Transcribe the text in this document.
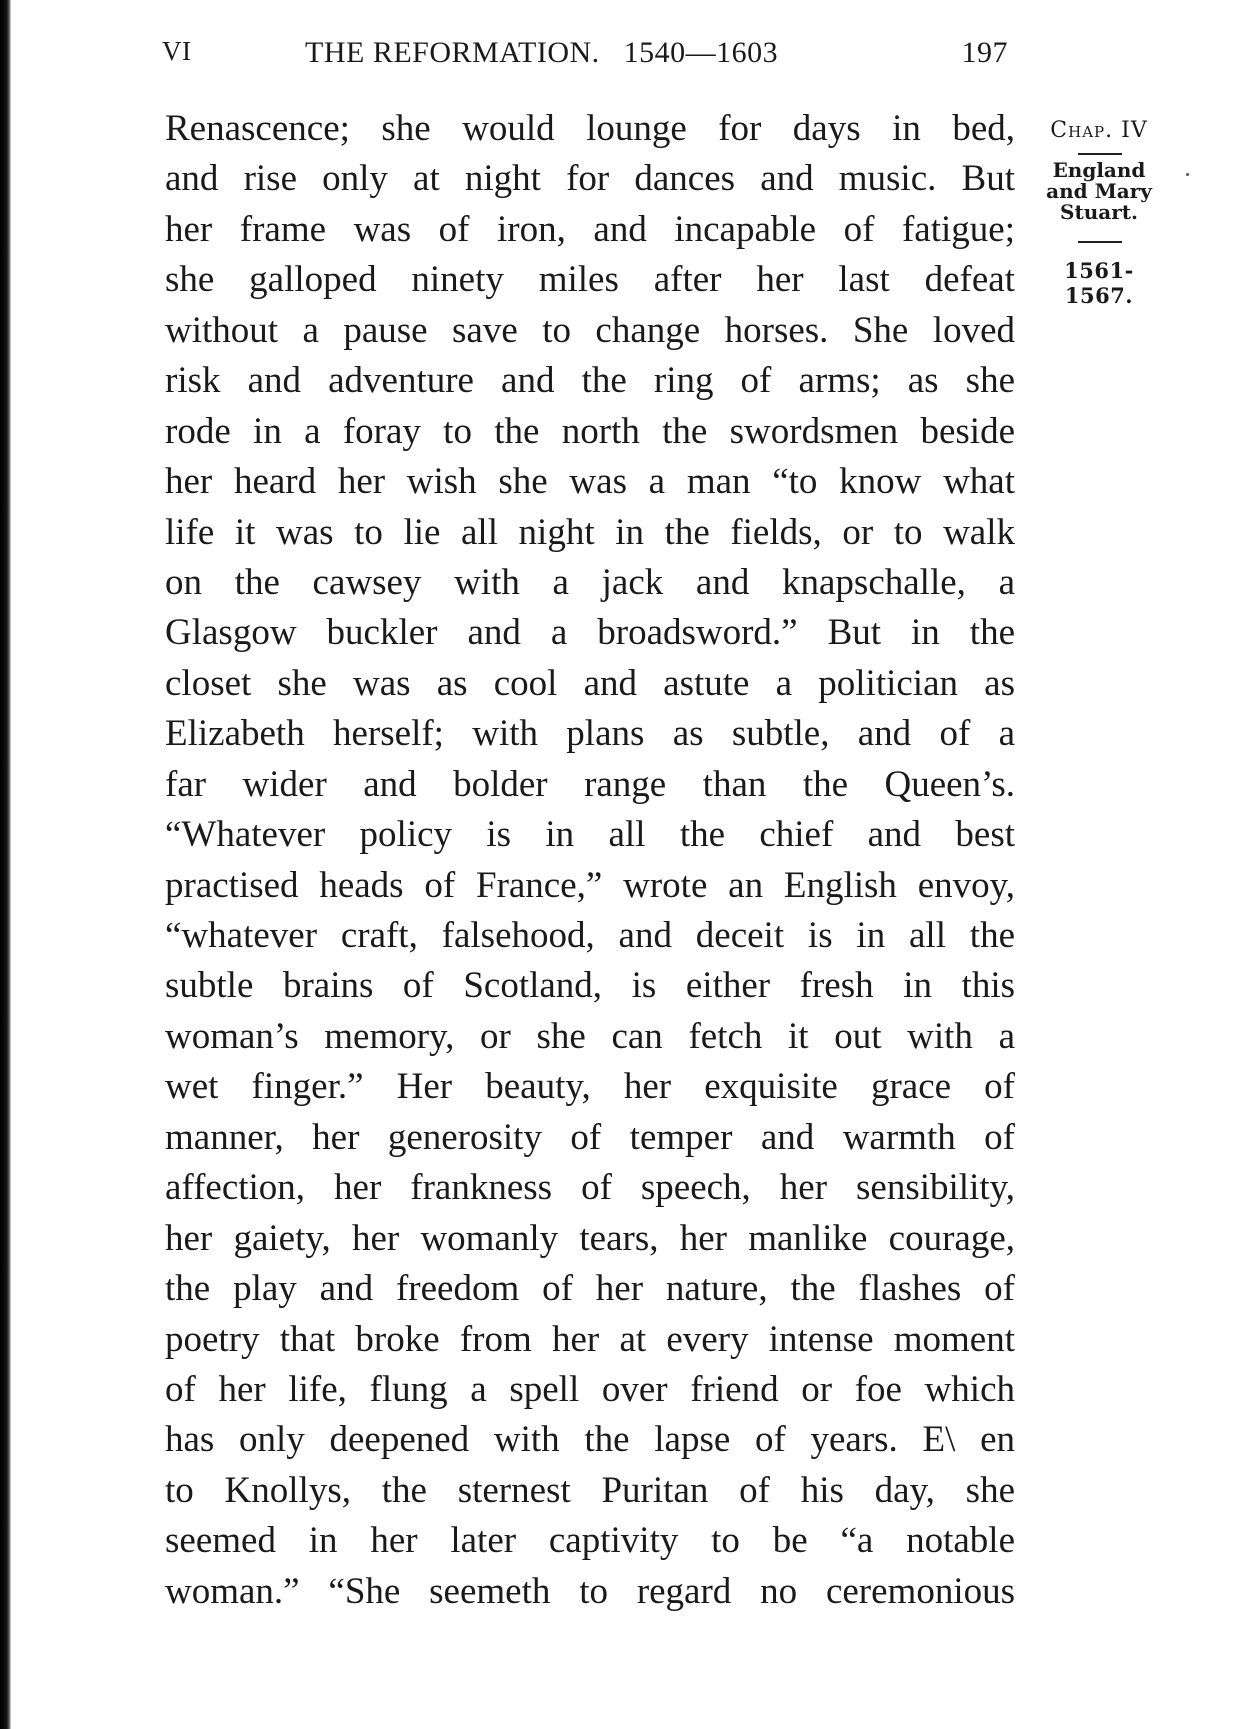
VI	THE REFORMATION.   1540—1603	197
Renascence; she would lounge for days in bed,
and rise only at night for dances and music. But
her frame was of iron, and incapable of fatigue;
she galloped ninety miles after her last defeat
without a pause save to change horses. She loved
risk and adventure and the ring of arms; as she
rode in a foray to the north the swordsmen beside
her heard her wish she was a man “to know what
life it was to lie all night in the fields, or to walk
on the cawsey with a jack and knapschalle, a
Glasgow buckler and a broadsword.” But in the
closet she was as cool and astute a politician as
Elizabeth herself; with plans as subtle, and of a
far wider and bolder range than the Queen’s.
“Whatever policy is in all the chief and best
practised heads of France,” wrote an English envoy,
“whatever craft, falsehood, and deceit is in all the
subtle brains of Scotland, is either fresh in this
woman’s memory, or she can fetch it out with a
wet finger.” Her beauty, her exquisite grace of
manner, her generosity of temper and warmth of
affection, her frankness of speech, her sensibility,
her gaiety, her womanly tears, her manlike courage,
the play and freedom of her nature, the flashes of
poetry that broke from her at every intense moment
of her life, flung a spell over friend or foe which
has only deepened with the lapse of years. E\ en
to Knollys, the sternest Puritan of his day, she
seemed in her later captivity to be “a notable
woman.” “She seemeth to regard no ceremonious
Chap. IV
England
and Mary
Stuart.
1561-1567.
